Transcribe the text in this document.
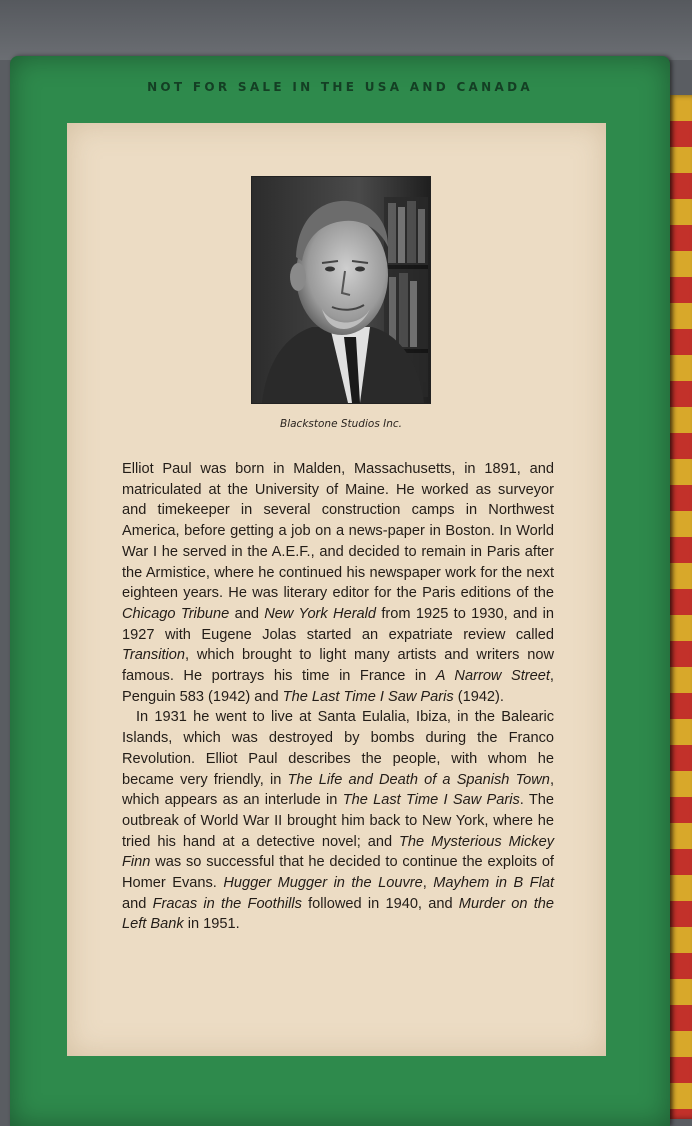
NOT FOR SALE IN THE USA AND CANADA

Blackstone Studios Inc.

Elliot Paul was born in Malden, Massachusetts, in 1891, and matriculated at the University of Maine. He worked as surveyor and timekeeper in several construction camps in Northwest America, before getting a job on a news-paper in Boston. In World War I he served in the A.E.F., and decided to remain in Paris after the Armistice, where he continued his newspaper work for the next eighteen years. He was literary editor for the Paris editions of the Chicago Tribune and New York Herald from 1925 to 1930, and in 1927 with Eugene Jolas started an expatriate review called Transition, which brought to light many artists and writers now famous. He portrays his time in France in A Narrow Street, Penguin 583 (1942) and The Last Time I Saw Paris (1942).

In 1931 he went to live at Santa Eulalia, Ibiza, in the Balearic Islands, which was destroyed by bombs during the Franco Revolution. Elliot Paul describes the people, with whom he became very friendly, in The Life and Death of a Spanish Town, which appears as an interlude in The Last Time I Saw Paris. The outbreak of World War II brought him back to New York, where he tried his hand at a detective novel; and The Mysterious Mickey Finn was so successful that he decided to continue the exploits of Homer Evans. Hugger Mugger in the Louvre, Mayhem in B Flat and Fracas in the Foothills followed in 1940, and Murder on the Left Bank in 1951.
